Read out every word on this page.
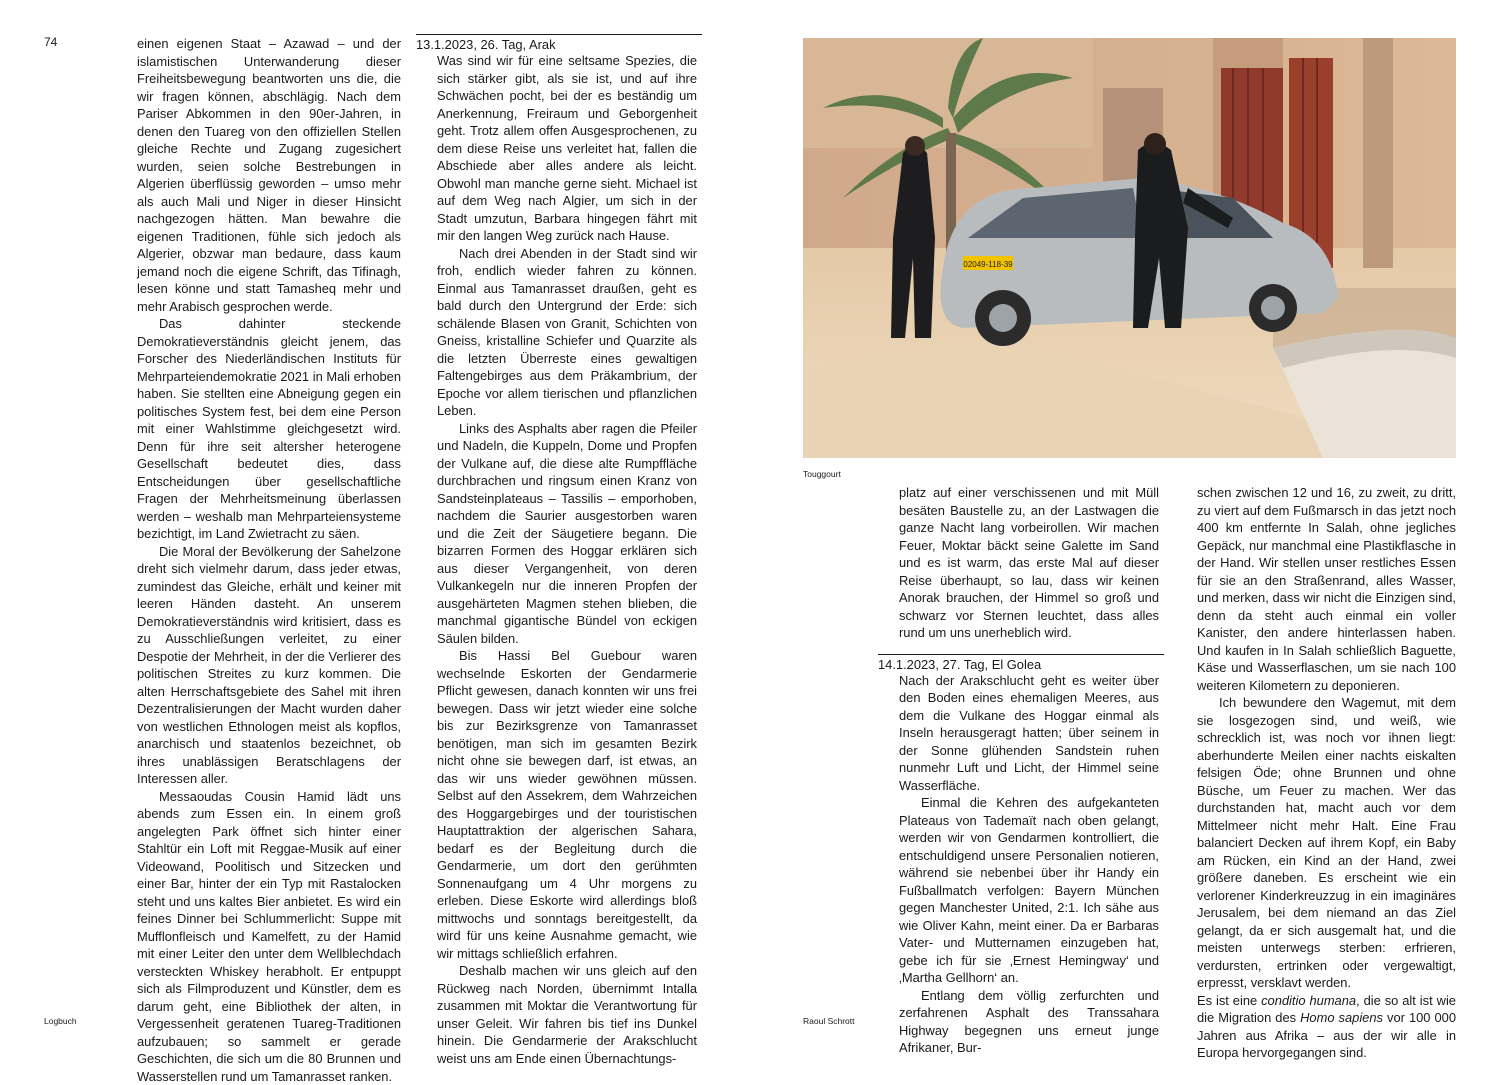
74	einen eigenen Staat – Azawad – und der islamistischen Unterwanderung dieser Freiheitsbewegung beantworten uns die, die wir fragen können, abschlägig. Nach dem Pariser Abkommen in den 90er-Jahren, in denen den Tuareg von den offiziellen Stellen gleiche Rechte und Zugang zugesichert wurden, seien solche Bestrebungen in Algerien überflüssig geworden – umso mehr als auch Mali und Niger in dieser Hinsicht nachgezogen hätten. Man bewahre die eigenen Traditionen, fühle sich jedoch als Algerier, obzwar man bedaure, dass kaum jemand noch die eigene Schrift, das Tifinagh, lesen könne und statt Tamasheq mehr und mehr Arabisch gesprochen werde.

Das dahinter steckende Demokratieverständnis gleicht jenem, das Forscher des Niederländischen Instituts für Mehrparteiendemokratie 2021 in Mali erhoben haben. Sie stellten eine Abneigung gegen ein politisches System fest, bei dem eine Person mit einer Wahlstimme gleichgesetzt wird. Denn für ihre seit altersher heterogene Gesellschaft bedeutet dies, dass Entscheidungen über gesellschaftliche Fragen der Mehrheitsmeinung überlassen werden – weshalb man Mehrparteiensysteme bezichtigt, im Land Zwietracht zu säen.

Die Moral der Bevölkerung der Sahelzone dreht sich vielmehr darum, dass jeder etwas, zumindest das Gleiche, erhält und keiner mit leeren Händen dasteht. An unserem Demokratieverständnis wird kritisiert, dass es zu Ausschließungen verleitet, zu einer Despotie der Mehrheit, in der die Verlierer des politischen Streites zu kurz kommen. Die alten Herrschaftsgebiete des Sahel mit ihren Dezentralisierungen der Macht wurden daher von westlichen Ethnologen meist als kopflos, anarchisch und staatenlos bezeichnet, ob ihres unablässigen Beratschlagens der Interessen aller.

Messaoudas Cousin Hamid lädt uns abends zum Essen ein. In einem groß angelegten Park öffnet sich hinter einer Stahltür ein Loft mit Reggae-Musik auf einer Videowand, Poolitisch und Sitzecken und einer Bar, hinter der ein Typ mit Rastalocken steht und uns kaltes Bier anbietet. Es wird ein feines Dinner bei Schlummerlicht: Suppe mit Mufflonfleisch und Kamelfett, zu der Hamid mit einer Leiter den unter dem Wellblechdach versteckten Whiskey herabholt. Er entpuppt sich als Filmproduzent und Künstler, dem es darum geht, eine Bibliothek der alten, in Vergessenheit geratenen Tuareg-Traditionen aufzubauen; so sammelt er gerade Geschichten, die sich um die 80 Brunnen und Wasserstellen rund um Tamanrasset ranken.

13.1.2023, 26. Tag, Arak

Was sind wir für eine seltsame Spezies, die sich stärker gibt, als sie ist, und auf ihre Schwächen pocht, bei der es beständig um Anerkennung, Freiraum und Geborgenheit geht. Trotz allem offen Ausgesprochenen, zu dem diese Reise uns verleitet hat, fallen die Abschiede aber alles andere als leicht. Obwohl man manche gerne sieht. Michael ist auf dem Weg nach Algier, um sich in der Stadt umzutun, Barbara hingegen fährt mit mir den langen Weg zurück nach Hause.

Nach drei Abenden in der Stadt sind wir froh, endlich wieder fahren zu können. Einmal aus Tamanrasset draußen, geht es bald durch den Untergrund der Erde: sich schälende Blasen von Granit, Schichten von Gneiss, kristalline Schiefer und Quarzite als die letzten Überreste eines gewaltigen Faltengebirges aus dem Präkambrium, der Epoche vor allem tierischen und pflanzlichen Leben.

Links des Asphalts aber ragen die Pfeiler und Nadeln, die Kuppeln, Dome und Propfen der Vulkane auf, die diese alte Rumpffläche durchbrachen und ringsum einen Kranz von Sandsteinplateaus – Tassilis – emporhoben, nachdem die Saurier ausgestorben waren und die Zeit der Säugetiere begann. Die bizarren Formen des Hoggar erklären sich aus dieser Vergangenheit, von deren Vulkankegeln nur die inneren Propfen der ausgehärteten Magmen stehen blieben, die manchmal gigantische Bündel von eckigen Säulen bilden.

Bis Hassi Bel Guebour waren wechselnde Eskorten der Gendarmerie Pflicht gewesen, danach konnten wir uns frei bewegen. Dass wir jetzt wieder eine solche bis zur Bezirksgrenze von Tamanrasset benötigen, man sich im gesamten Bezirk nicht ohne sie bewegen darf, ist etwas, an das wir uns wieder gewöhnen müssen. Selbst auf den Assekrem, dem Wahrzeichen des Hoggargebirges und der touristischen Hauptattraktion der algerischen Sahara, bedarf es der Begleitung durch die Gendarmerie, um dort den gerühmten Sonnenaufgang um 4 Uhr morgens zu erleben. Diese Eskorte wird allerdings bloß mittwochs und sonntags bereitgestellt, da wird für uns keine Ausnahme gemacht, wie wir mittags schließlich erfahren.

Deshalb machen wir uns gleich auf den Rückweg nach Norden, übernimmt Intalla zusammen mit Moktar die Verantwortung für unser Geleit. Wir fahren bis tief ins Dunkel hinein. Die Gendarmerie der Arakschlucht weist uns am Ende einen Übernachtungs-

Logbuch	Raoul Schrott
02049-118-39
Touggourt

platz auf einer verschissenen und mit Müll besäten Baustelle zu, an der Lastwagen die ganze Nacht lang vorbeirollen. Wir machen Feuer, Moktar bäckt seine Galette im Sand und es ist warm, das erste Mal auf dieser Reise überhaupt, so lau, dass wir keinen Anorak brauchen, der Himmel so groß und schwarz vor Sternen leuchtet, dass alles rund um uns unerheblich wird.

14.1.2023, 27. Tag, El Golea

Nach der Arakschlucht geht es weiter über den Boden eines ehemaligen Meeres, aus dem die Vulkane des Hoggar einmal als Inseln herausgeragt hatten; über seinem in der Sonne glühenden Sandstein ruhen nunmehr Luft und Licht, der Himmel seine Wasserfläche.

Einmal die Kehren des aufgekanteten Plateaus von Tademaït nach oben gelangt, werden wir von Gendarmen kontrolliert, die entschuldigend unsere Personalien notieren, während sie nebenbei über ihr Handy ein Fußballmatch verfolgen: Bayern München gegen Manchester United, 2:1. Ich sähe aus wie Oliver Kahn, meint einer. Da er Barbaras Vater- und Mutternamen einzugeben hat, gebe ich für sie ‚Ernest Hemingway‘ und ‚Martha Gellhorn‘ an.

Entlang dem völlig zerfurchten und zerfahrenen Asphalt des Transsahara Highway begegnen uns erneut junge Afrikaner, Bur-

schen zwischen 12 und 16, zu zweit, zu dritt, zu viert auf dem Fußmarsch in das jetzt noch 400 km entfernte In Salah, ohne jegliches Gepäck, nur manchmal eine Plastikflasche in der Hand. Wir stellen unser restliches Essen für sie an den Straßenrand, alles Wasser, und merken, dass wir nicht die Einzigen sind, denn da steht auch einmal ein voller Kanister, den andere hinterlassen haben. Und kaufen in In Salah schließlich Baguette, Käse und Wasserflaschen, um sie nach 100 weiteren Kilometern zu deponieren.

Ich bewundere den Wagemut, mit dem sie losgezogen sind, und weiß, wie schrecklich ist, was noch vor ihnen liegt: aberhunderte Meilen einer nachts eiskalten felsigen Öde; ohne Brunnen und ohne Büsche, um Feuer zu machen. Wer das durchstanden hat, macht auch vor dem Mittelmeer nicht mehr Halt. Eine Frau balanciert Decken auf ihrem Kopf, ein Baby am Rücken, ein Kind an der Hand, zwei größere daneben. Es erscheint wie ein verlorener Kinderkreuzzug in ein imaginäres Jerusalem, bei dem niemand an das Ziel gelangt, da er sich ausgemalt hat, und die meisten unterwegs sterben: erfrieren, verdursten, ertrinken oder vergewaltigt, erpresst, versklavt werden.

Es ist eine conditio humana, die so alt ist wie die Migration des Homo sapiens vor 100 000 Jahren aus Afrika – aus der wir alle in Europa hervorgegangen sind.
